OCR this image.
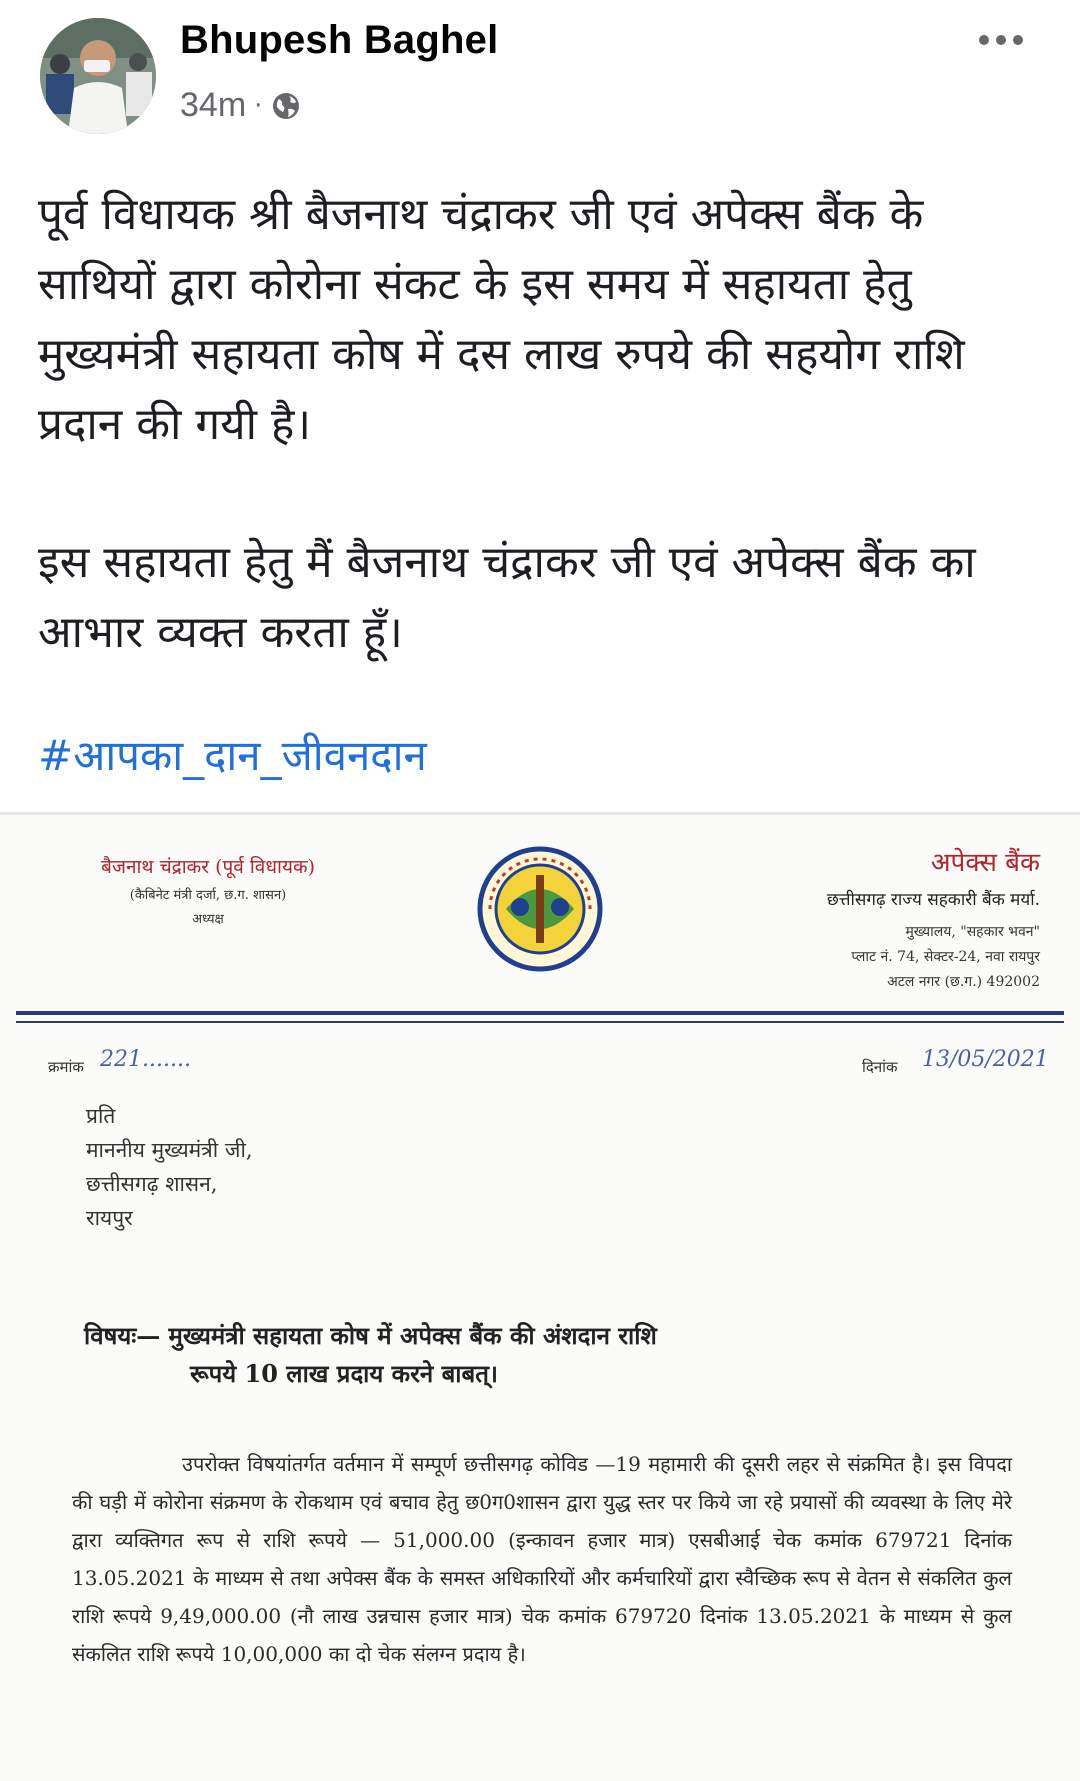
Bhupesh Baghel
34m ·

पूर्व विधायक श्री बैजनाथ चंद्राकर जी एवं अपेक्स बैंक के साथियों द्वारा कोरोना संकट के इस समय में सहायता हेतु मुख्यमंत्री सहायता कोष में दस लाख रुपये की सहयोग राशि प्रदान की गयी है।

इस सहायता हेतु मैं बैजनाथ चंद्राकर जी एवं अपेक्स बैंक का आभार व्यक्त करता हूँ।

#आपका_दान_जीवनदान
बैजनाथ चंद्राकर (पूर्व विधायक)
(कैबिनेट मंत्री दर्जा, छ.ग. शासन)
अध्यक्ष
अपेक्स बैंक
छत्तीसगढ़ राज्य सहकारी बैंक मर्या.
मुख्यालय, "सहकार भवन"
प्लाट नं. 74, सेक्टर-24, नवा रायपुर
अटल नगर (छ.ग.) 492002
क्रमांक 221.......	दिनांक 13/05/2021
प्रति
माननीय मुख्यमंत्री जी,
छत्तीसगढ़ शासन,
रायपुर
विषयः— मुख्यमंत्री सहायता कोष में अपेक्स बैंक की अंशदान राशि
रूपये 10 लाख प्रदाय करने बाबत्।
उपरोक्त विषयांतर्गत वर्तमान में सम्पूर्ण छत्तीसगढ़ कोविड —19 महामारी की दूसरी लहर से संक्रमित है। इस विपदा की घड़ी में कोरोना संक्रमण के रोकथाम एवं बचाव हेतु छ0ग0शासन द्वारा युद्ध स्तर पर किये जा रहे प्रयासों की व्यवस्था के लिए मेरे द्वारा व्यक्तिगत रूप से राशि रूपये — 51,000.00 (इन्कावन हजार मात्र) एसबीआई चेक कमांक 679721 दिनांक 13.05.2021 के माध्यम से तथा अपेक्स बैंक के समस्त अधिकारियों और कर्मचारियों द्वारा स्वैच्छिक रूप से वेतन से संकलित कुल राशि रूपये 9,49,000.00 (नौ लाख उन्नचास हजार मात्र) चेक कमांक 679720 दिनांक 13.05.2021 के माध्यम से कुल संकलित राशि रूपये 10,00,000 का दो चेक संलग्न प्रदाय है।
